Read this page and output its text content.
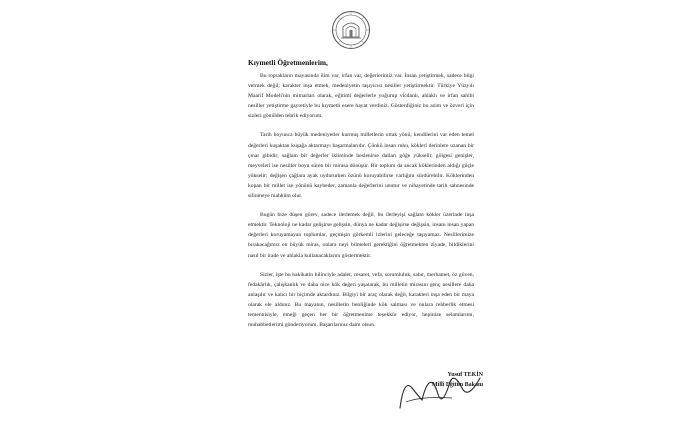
Kıymetli Öğretmenlerim,

Bu toprakların mayasında ilim var, irfan var, değerlerimiz var. İnsan yetiştirmek, sadece bilgi vermek değil; karakter inşa etmek, medeniyetin taşıyıcısı nesiller yetiştirmektir. Türkiye Yüzyılı Maarif Modeli'nin mimarları olarak, eğitimi değerlerle yoğurup vicdanlı, ahlaklı ve irfan sahibi nesiller yetiştirme gayretiyle bu kıymetli esere hayat verdiniz. Gösterdiğiniz bu azim ve özveri için sizleri gönülden tebrik ediyorum.

Tarih boyunca büyük medeniyetler kurmuş milletlerin ortak yönü; kendilerini var eden temel değerleri kuşaktan kuşağa aktarmayı başarmalarıdır. Çünkü insan ruhu, kökleri derinlere uzanan bir çınar gibidir; sağlam bir değerler ikliminde beslenirse dalları göğe yükselir, gölgesi genişler, meyveleri ise nesiller boyu süren bir mirasa dönüşür. Bir toplum da ancak köklerinden aldığı güçle yükselir; değişen çağlara ayak uydururken özünü koruyabilirse varlığını sürdürebilir. Köklerinden kopan bir millet ise yönünü kaybeder, zamanla değerlerini unutur ve nihayetinde tarih sahnesinde silinmeye mahkûm olur.

Bugün bize düşen görev, sadece ilerlemek değil, bu ilerleyişi sağlam kökler üzerinde inşa etmektir. Teknoloji ne kadar gelişirse gelişsin, dünya ne kadar değişirse değişsin, insanı insan yapan değerleri koruyamayan toplumlar, geçmişin görkemli izlerini geleceğe taşıyamaz. Nesillerimize bırakacağımız en büyük miras, onlara neyi bilmeleri gerektiğini öğretmekten ziyade, bildiklerini nasıl bir irade ve ahlakla kullanacaklarını göstermektir.

Sizler, işte bu hakikatin bilinciyle adalet, cesaret, vefa, sorumluluk, sabır, merhamet, öz güven, fedakârlık, çalışkanlık ve daha nice kök değeri yaşatarak, bu milletin mirasını genç nesillere daha anlaşılır ve kalıcı bir biçimde aktardınız. Bilgiyi bir araç olarak değil, karakteri inşa eden bir maya olarak ele aldınız. Bu mayanın, nesillerin benliğinde kök salması ve onlara rehberlik etmesi temennisiyle, emeği geçen her bir öğretmenime teşekkür ediyor, hepinize selamlarımı, muhabbetlerimi gönderiyorum. Başarılarınız daim olsun.

Yusuf TEKİN
Millî Eğitim Bakanı
